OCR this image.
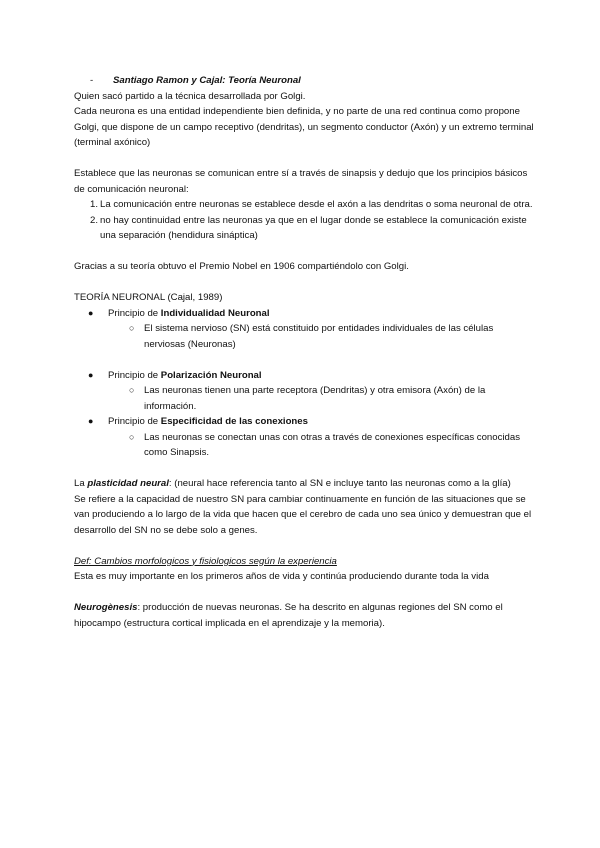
- Santiago Ramon y Cajal: Teoría Neuronal

Quien sacó partido a la técnica desarrollada por Golgi.

Cada neurona es una entidad independiente bien definida, y no parte de una red continua como propone Golgi, que dispone de un campo receptivo (dendritas), un segmento conductor (Axón) y un extremo terminal (terminal axónico)

Establece que las neuronas se comunican entre sí a través de sinapsis y dedujo que los principios básicos de comunicación neuronal:

1. La comunicación entre neuronas se establece desde el axón a las dendritas o soma neuronal de otra.

2. no hay continuidad entre las neuronas ya que en el lugar donde se establece la comunicación existe una separación (hendidura sináptica)

Gracias a su teoría obtuvo el Premio Nobel en 1906 compartiéndolo con Golgi.

TEORÍA NEURONAL (Cajal, 1989)

● Principio de Individualidad Neuronal

○ El sistema nervioso (SN) está constituido por entidades individuales de las células nerviosas (Neuronas)

● Principio de Polarización Neuronal

○ Las neuronas tienen una parte receptora (Dendritas) y otra emisora (Axón) de la información.

● Principio de Especificidad de las conexiones

○ Las neuronas se conectan unas con otras a través de conexiones específicas conocidas como Sinapsis.

La plasticidad neural: (neural hace referencia tanto al SN e incluye tanto las neuronas como a la glía)

Se refiere a la capacidad de nuestro SN para cambiar continuamente en función de las situaciones que se van produciendo a lo largo de la vida que hacen que el cerebro de cada uno sea único y demuestran que el desarrollo del SN no se debe solo a genes.

Def: Cambios morfologicos y fisiologicos según la experiencia

Esta es muy importante en los primeros años de vida y continúa produciendo durante toda la vida

Neurogènesis: producción de nuevas neuronas. Se ha descrito en algunas regiones del SN como el hipocampo (estructura cortical implicada en el aprendizaje y la memoria).
